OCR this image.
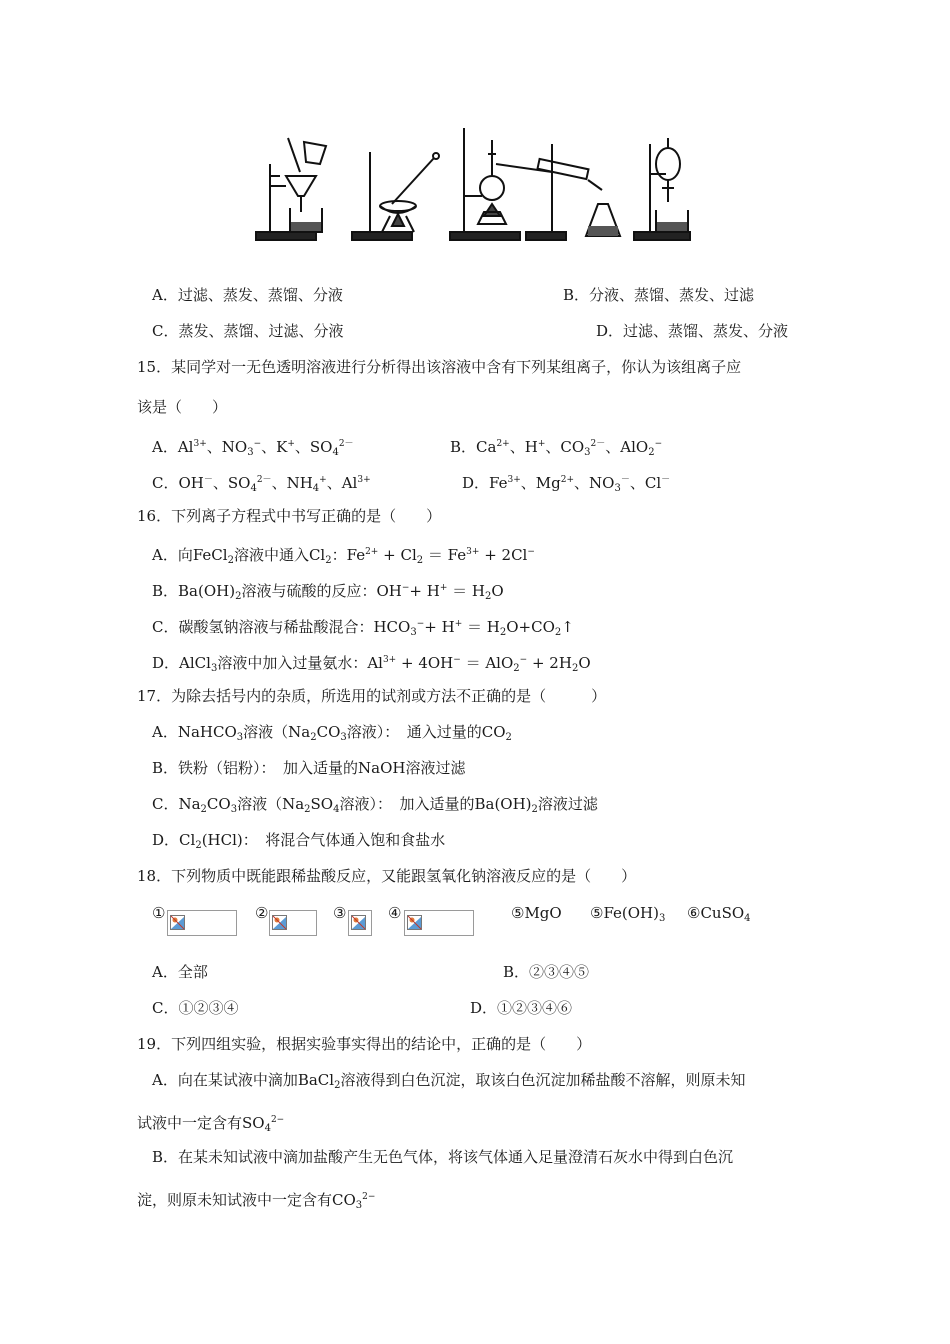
A．过滤、蒸发、蒸馏、分液	B．分液、蒸馏、蒸发、过滤
C．蒸发、蒸馏、过滤、分液	D．过滤、蒸馏、蒸发、分液
15．某同学对一无色透明溶液进行分析得出该溶液中含有下列某组离子，你认为该组离子应
该是（　　）
A．$Al^{3+}$、$NO_3^-$、K+、$SO_4^{2-}$	B．$Ca^{2+}$、H+、$CO_3^{2-}$、AlO$_2$−
C．OH－、$SO_4^{2-}$、$NH_4^+$、$Al^{3+}$	D．$Fe^{3+}$、$Mg^{2+}$、$NO_3^-$、Cl－
16．下列离子方程式中书写正确的是（　　）
A．向FeCl$_2$溶液中通入$Cl_2$：$Fe^{2+} + Cl_2 = Fe^{3+} + 2Cl^-$
B．$Ba(OH)_2$溶液与硫酸的反应：$OH^-+ H^+ = H_2O$
C．碳酸氢钠溶液与稀盐酸混合：$HCO_3^-+ H^+$ ＝ $H_2O+CO_2↑$
D．AlCl$_3$溶液中加入过量氨水：$Al^{3+} + 4OH^- = AlO_2^- + 2H_2O$
17．为除去括号内的杂质，所选用的试剂或方法不正确的是（　　　）
A．NaHCO$_3$溶液（$Na_2CO_3$溶液）：　通入过量的$CO_2$
B．铁粉（铝粉）：　加入适量的NaOH溶液过滤
C．$Na_2CO_3$溶液（$Na_2SO_4$溶液）：　加入适量的$Ba(OH)_2$溶液过滤
D．$Cl_2(HCl)$：　将混合气体通入饱和食盐水
18．下列物质中既能跟稀盐酸反应，又能跟氢氧化钠溶液反应的是（　　）
①	②	③	④	⑤MgO $⑤Fe(OH)_3$ ⑥CuSO$_4$
A．全部	B．②③④⑤
C．①②③④	D．①②③④⑥
19．下列四组实验，根据实验事实得出的结论中，正确的是（　　）
A．向在某试液中滴加BaCl$_2$溶液得到白色沉淀，取该白色沉淀加稀盐酸不溶解，则原未知
试液中一定含有$SO_4^{2-}$
B．在某未知试液中滴加盐酸产生无色气体，将该气体通入足量澄清石灰水中得到白色沉
淀，则原未知试液中一定含有$CO_3^{2-}$
